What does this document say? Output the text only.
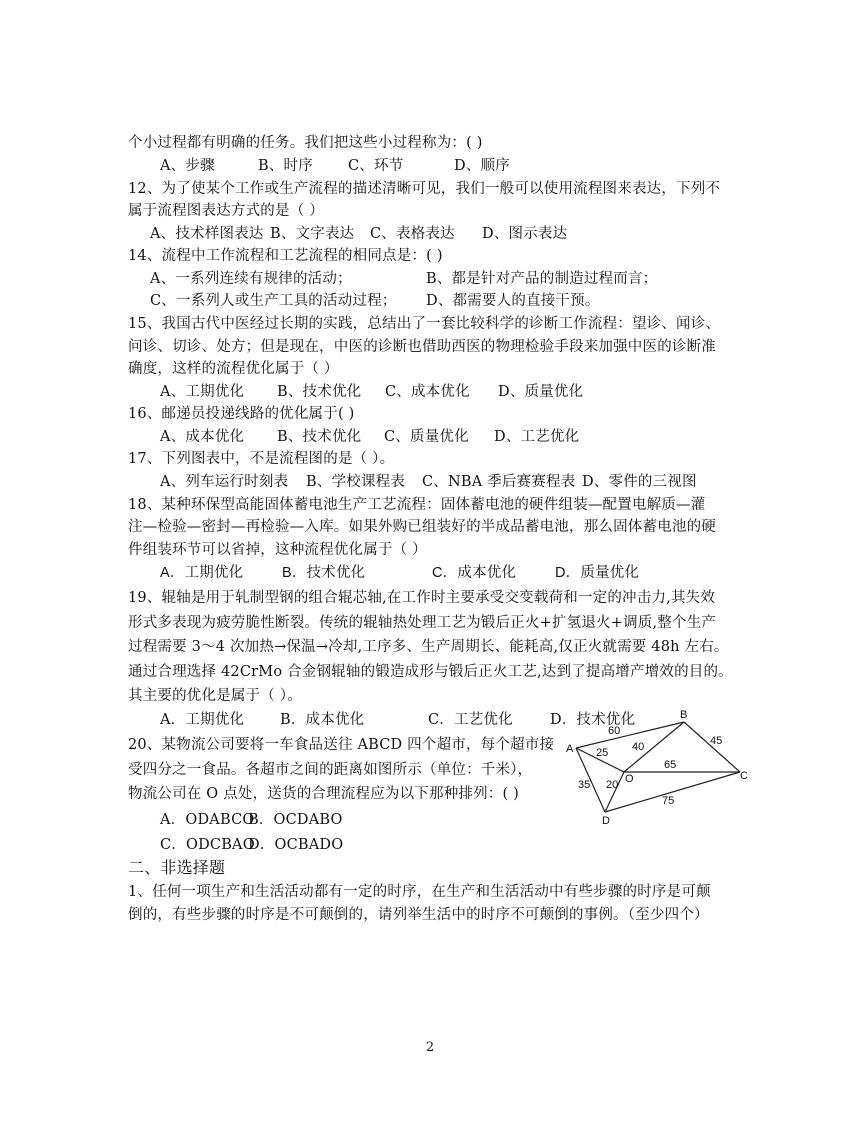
个小过程都有明确的任务。我们把这些小过程称为：( )
A、步骤	B、时序 C、环节	D、顺序
12、为了使某个工作或生产流程的描述清晰可见，我们一般可以使用流程图来表达，下列不
属于流程图表达方式的是（ ）
A、技术样图表达 B、文字表达 C、表格表达 D、图示表达
14、流程中工作流程和工艺流程的相同点是：( )
A、一系列连续有规律的活动；	B、都是针对产品的制造过程而言；
C、一系列人或生产工具的活动过程； D、都需要人的直接干预。
15、我国古代中医经过长期的实践，总结出了一套比较科学的诊断工作流程：望诊、闻诊、
问诊、切诊、处方；但是现在，中医的诊断也借助西医的物理检验手段来加强中医的诊断准
确度，这样的流程优化属于（ ）
A、工期优化 B、技术优化 C、成本优化 D、质量优化
16、邮递员投递线路的优化属于( )
A、成本优化 B、技术优化 C、质量优化 D、工艺优化
17、下列图表中，不是流程图的是（ ）。
A、列车运行时刻表 B、学校课程表 C、NBA 季后赛赛程表 D、零件的三视图
18、某种环保型高能固体蓄电池生产工艺流程：固体蓄电池的硬件组装—配置电解质—灌
注—检验—密封—再检验—入库。如果外购已组装好的半成品蓄电池，那么固体蓄电池的硬
件组装环节可以省掉，这种流程优化属于（ ）
A．工期优化	B．技术优化	C．成本优化	D．质量优化
19、辊轴是用于轧制型钢的组合辊芯轴,在工作时主要承受交变载荷和一定的冲击力,其失效
形式多表现为疲劳脆性断裂。传统的辊轴热处理工艺为锻后正火+扩氢退火+调质,整个生产
过程需要 3～4 次加热→保温→冷却,工序多、生产周期长、能耗高,仅正火就需要 48h 左右。
通过合理选择 42CrMo 合金钢辊轴的锻造成形与锻后正火工艺,达到了提高增产增效的目的。
其主要的优化是属于（ ）。
A．工期优化 B．成本优化	C．工艺优化	D．技术优化
20、某物流公司要将一车食品送往 ABCD 四个超市，每个超市接
受四分之一食品。各超市之间的距离如图所示（单位：千米），
物流公司在 O 点处，送货的合理流程应为以下那种排列：( )
A．ODABCOB．OCDABO
C．ODCBAOD．OCBADO
A
B
C
D
O
60
25 40	45
65
35 20
75
二、非选择题
1、任何一项生产和生活活动都有一定的时序，在生产和生活活动中有些步骤的时序是可颠
倒的，有些步骤的时序是不可颠倒的，请列举生活中的时序不可颠倒的事例。（至少四个）
2
